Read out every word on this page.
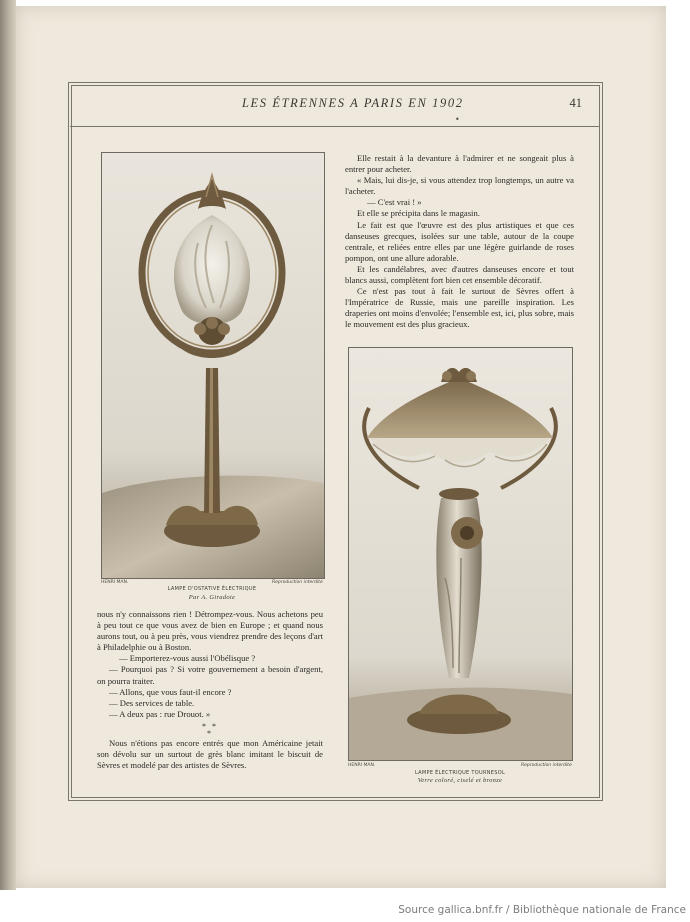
LES ÉTRENNES A PARIS EN 1902	41
•
HENRI MAN.	Reproduction interdite
LAMPE D'OSTATIVE ÉLECTRIQUE
Par A. Giradoie
HENRI MAN.	Reproduction interdite
LAMPE ÉLECTRIQUE TOURNESOL
Verre coloré, ciselé et bronze

Elle restait à la devanture à l'admirer et ne songeait plus à entrer pour acheter.

« Mais, lui dis-je, si vous attendez trop longtemps, un autre va l'acheter.

— C'est vrai ! »

Et elle se précipita dans le magasin.

Le fait est que l'œuvre est des plus artistiques et que ces danseuses grecques, isolées sur une table, autour de la coupe centrale, et reliées entre elles par une légère guirlande de roses pompon, ont une allure adorable.

Et les candélabres, avec d'autres danseuses encore et tout blancs aussi, complètent fort bien cet ensemble décoratif.

Ce n'est pas tout à fait le surtout de Sèvres offert à l'Impératrice de Russie, mais une pareille inspiration. Les draperies ont moins d'envolée; l'ensemble est, ici, plus sobre, mais le mouvement est des plus gracieux.

nous n'y connaissons rien ! Détrompez-vous. Nous achetons peu à peu tout ce que vous avez de bien en Europe ; et quand nous aurons tout, ou à peu près, vous viendrez prendre des leçons d'art à Philadelphie ou à Boston.

— Emporterez-vous aussi l'Obélisque ?

— Pourquoi pas ? Si votre gouvernement a besoin d'argent, on pourra traiter.

— Allons, que vous faut-il encore ?

— Des services de table.

— A deux pas : rue Drouot. »

* *
*

Nous n'étions pas encore entrés que mon Américaine jetait son dévolu sur un surtout de grès blanc imitant le biscuit de Sèvres et modelé par des artistes de Sèvres.

Source gallica.bnf.fr / Bibliothèque nationale de France
